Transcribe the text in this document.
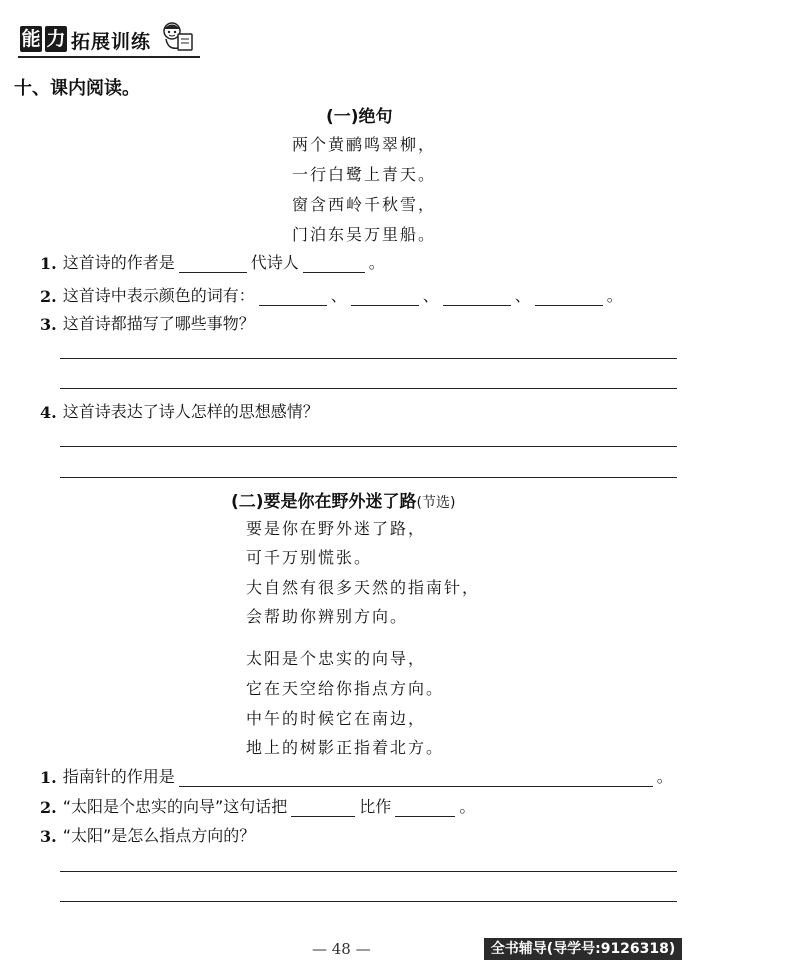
能 力 拓展训练
十、课内阅读。
(一)绝句
两个黄鹂鸣翠柳，
一行白鹭上青天。
窗含西岭千秋雪，
门泊东吴万里船。
1. 这首诗的作者是	代诗人	。
2. 这首诗中表示颜色的词有：	、	、	、	。
3. 这首诗都描写了哪些事物？
4. 这首诗表达了诗人怎样的思想感情？
(二)要是你在野外迷了路(节选)
要是你在野外迷了路，
可千万别慌张。
大自然有很多天然的指南针，
会帮助你辨别方向。
太阳是个忠实的向导，
它在天空给你指点方向。
中午的时候它在南边，
地上的树影正指着北方。
1. 指南针的作用是	。
2. “太阳是个忠实的向导”这句话把	比作	。
3. “太阳”是怎么指点方向的？
— 48 —	全书辅导(导学号:9126318)
